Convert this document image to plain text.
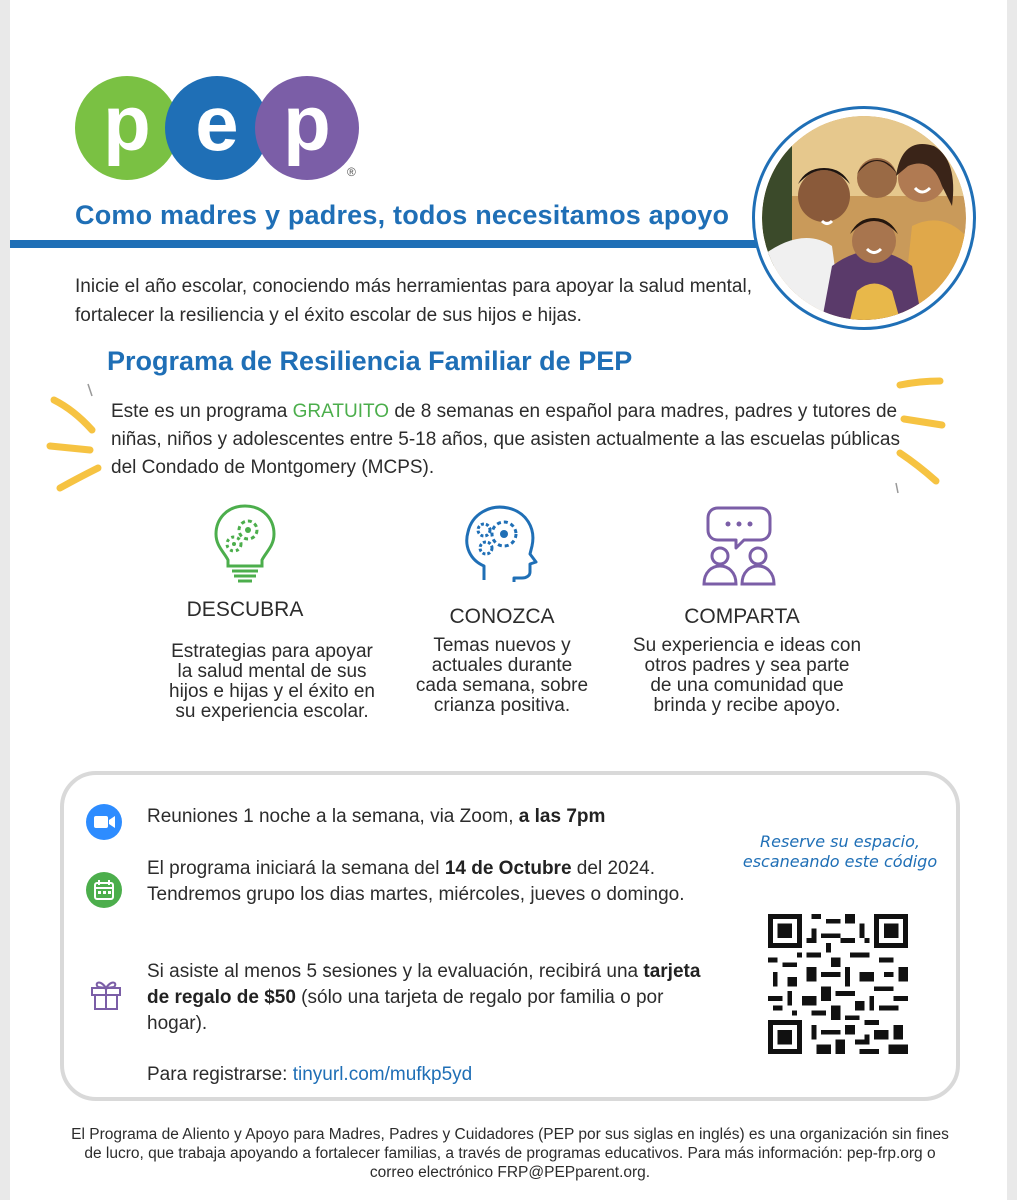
p e p
®
Como madres y padres, todos necesitamos apoyo

Inicie el año escolar, conociendo más herramientas para apoyar la salud mental, fortalecer la resiliencia y el éxito escolar de sus hijos e hijas.

Programa de Resiliencia Familiar de PEP

Este es un programa GRATUITO de 8 semanas en español para madres, padres y tutores de niñas, niños y adolescentes entre 5-18 años, que asisten actualmente a las escuelas públicas del Condado de Montgomery (MCPS).

DESCUBRA
Estrategias para apoyar la salud mental de sus hijos e hijas y el éxito en su experiencia escolar.
CONOZCA
Temas nuevos y actuales durante cada semana, sobre crianza positiva.
COMPARTA
Su experiencia e ideas con otros padres y sea parte de una comunidad que brinda y recibe apoyo.
Reuniones 1 noche a la semana, via Zoom, a las 7pm
El programa iniciará la semana del 14 de Octubre del 2024. Tendremos grupo los dias martes, miércoles, jueves o domingo.
Si asiste al menos 5 sesiones y la evaluación, recibirá una tarjeta de regalo de $50 (sólo una tarjeta de regalo por familia o por hogar).
Para registrarse: tinyurl.com/mufkp5yd
Reserve su espacio, escaneando este código

El Programa de Aliento y Apoyo para Madres, Padres y Cuidadores (PEP por sus siglas en inglés) es una organización sin fines de lucro, que trabaja apoyando a fortalecer familias, a través de programas educativos. Para más información: pep-frp.org o correo electrónico FRP@PEPparent.org.
